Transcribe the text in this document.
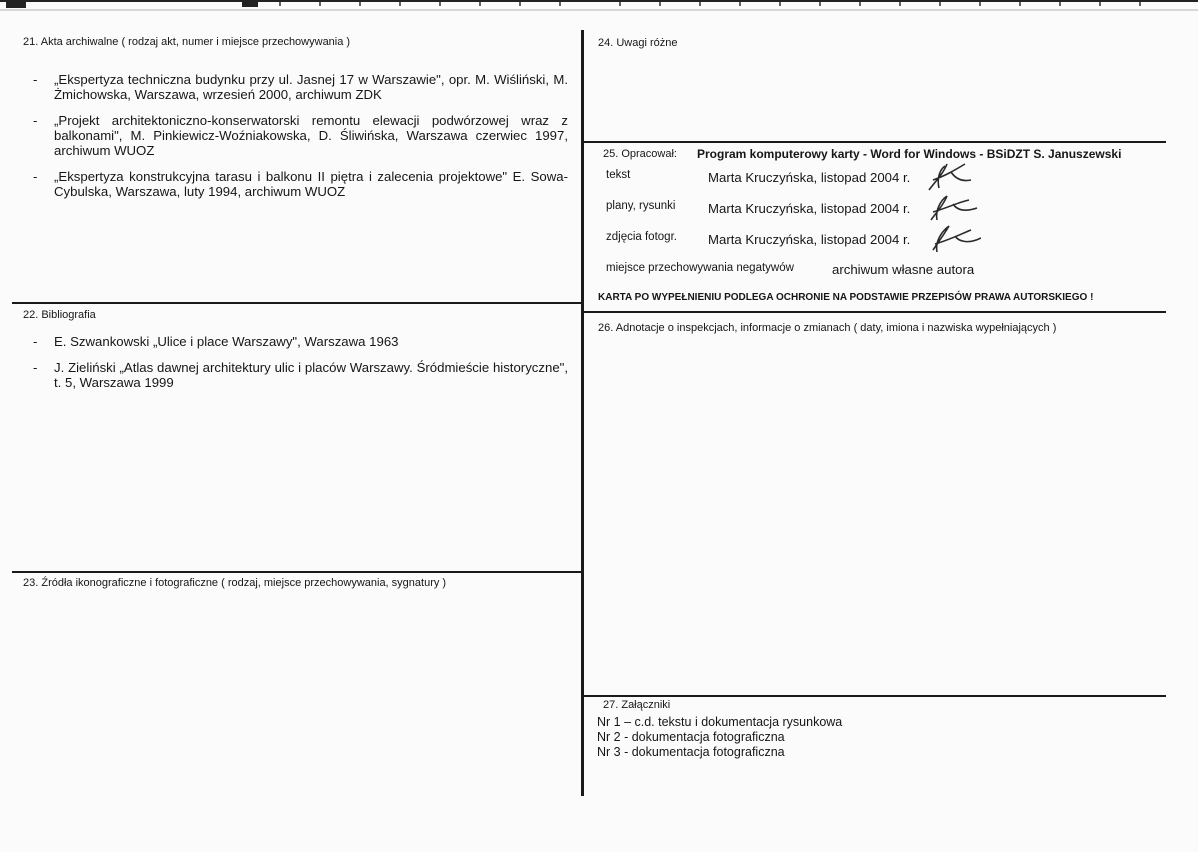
21. Akta archiwalne ( rodzaj akt, numer i miejsce przechowywania )
- „Ekspertyza techniczna budynku przy ul. Jasnej 17 w Warszawie", opr. M. Wiśliński, M. Żmichowska, Warszawa, wrzesień 2000, archiwum ZDK
- „Projekt architektoniczno-konserwatorski remontu elewacji podwórzowej wraz z balkonami", M. Pinkiewicz-Woźniakowska, D. Śliwińska, Warszawa czerwiec 1997, archiwum WUOZ
- „Ekspertyza konstrukcyjna tarasu i balkonu II piętra i zalecenia projektowe" E. Sowa-Cybulska, Warszawa, luty 1994, archiwum WUOZ
22. Bibliografia
- E. Szwankowski „Ulice i place Warszawy", Warszawa 1963
- J. Zieliński „Atlas dawnej architektury ulic i placów Warszawy. Śródmieście historyczne", t. 5, Warszawa 1999
23. Źródła ikonograficzne i fotograficzne ( rodzaj, miejsce przechowywania, sygnatury )
24. Uwagi różne
25. Opracował: Program komputerowy karty - Word for Windows - BSiDZT S. Januszewski
tekst	Marta Kruczyńska, listopad 2004 r.
plany, rysunki Marta Kruczyńska, listopad 2004 r.
zdjęcia fotogr. Marta Kruczyńska, listopad 2004 r.
miejsce przechowywania negatywów	archiwum własne autora
KARTA PO WYPEŁNIENIU PODLEGA OCHRONIE NA PODSTAWIE PRZEPISÓW PRAWA AUTORSKIEGO !
26. Adnotacje o inspekcjach, informacje o zmianach ( daty, imiona i nazwiska wypełniających )
27. Załączniki
Nr 1 – c.d. tekstu i dokumentacja rysunkowa
Nr 2 - dokumentacja fotograficzna
Nr 3 - dokumentacja fotograficzna
